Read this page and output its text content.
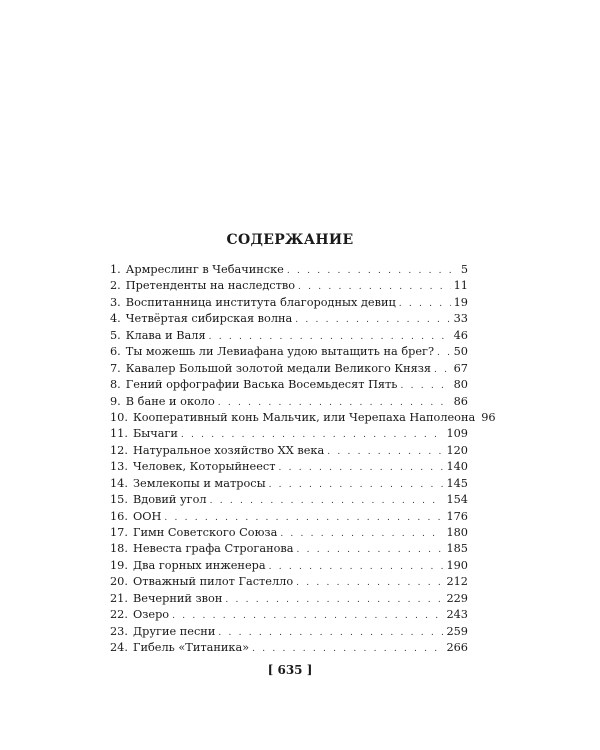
СОДЕРЖАНИЕ
1. Армреслинг в Чебачинске . . .	5
2. Претенденты на наследство . . .	11
3. Воспитанница института благородных девиц . . .	19
4. Четвёртая сибирская волна . . .	33
5. Клава и Валя . . .	46
6. Ты можешь ли Левиафана удою вытащить на брег? . . . 50
7. Кавалер Большой золотой медали Великого Князя . . . 67
8. Гений орфографии Васька Восемьдесят Пять . . .	80
9. В бане и около . . .	86
10. Кооперативный конь Мальчик, или Черепаха Наполеона 96
11. Бычаги . . .	109
12. Натуральное хозяйство XX века . . .	120
13. Человек, Которыйнеест . . .	140
14. Землекопы и матросы . . .	145
15. Вдовий угол . . .	154
16. ООН . . .	176
17. Гимн Советского Союза . . .	180
18. Невеста графа Строганова . . .	185
19. Два горных инженера . . .	190
20. Отважный пилот Гастелло . . .	212
21. Вечерний звон . . .	229
22. Озеро . . .	243
23. Другие песни . . .	259
24. Гибель «Титаника» . . .	266
[ 635 ]
